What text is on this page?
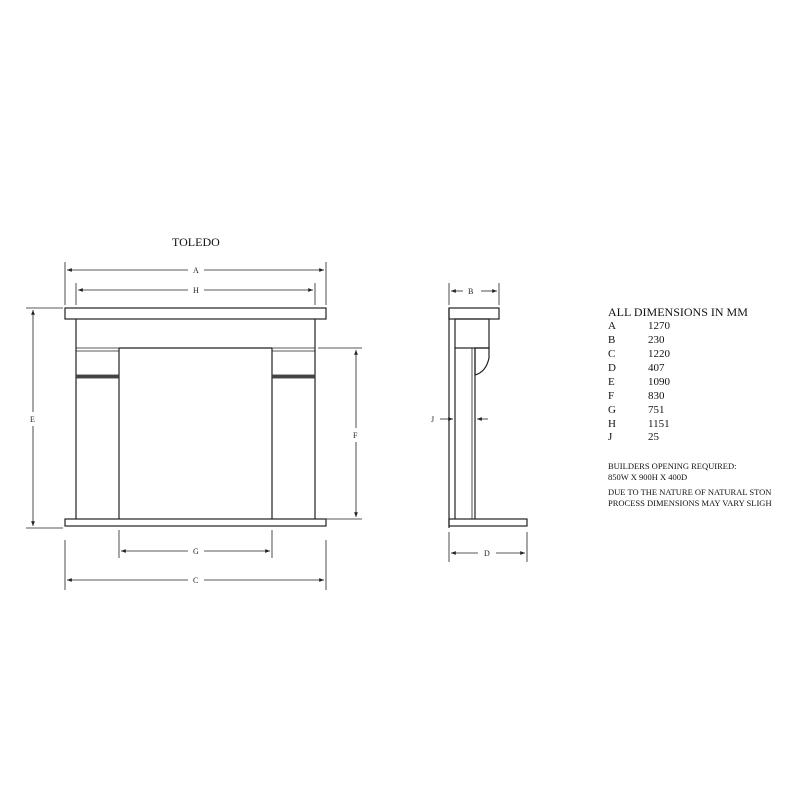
TOLEDO
A
H
E
F
G
C
B
J
D
ALL DIMENSIONS IN MM
A	1270
B	230
C	1220
D	407
E	1090
F	830
G	751
H	1151
J	25
BUILDERS OPENING REQUIRED:
850W X 900H X 400D
DUE TO THE NATURE OF NATURAL STON
PROCESS DIMENSIONS MAY VARY SLIGH
